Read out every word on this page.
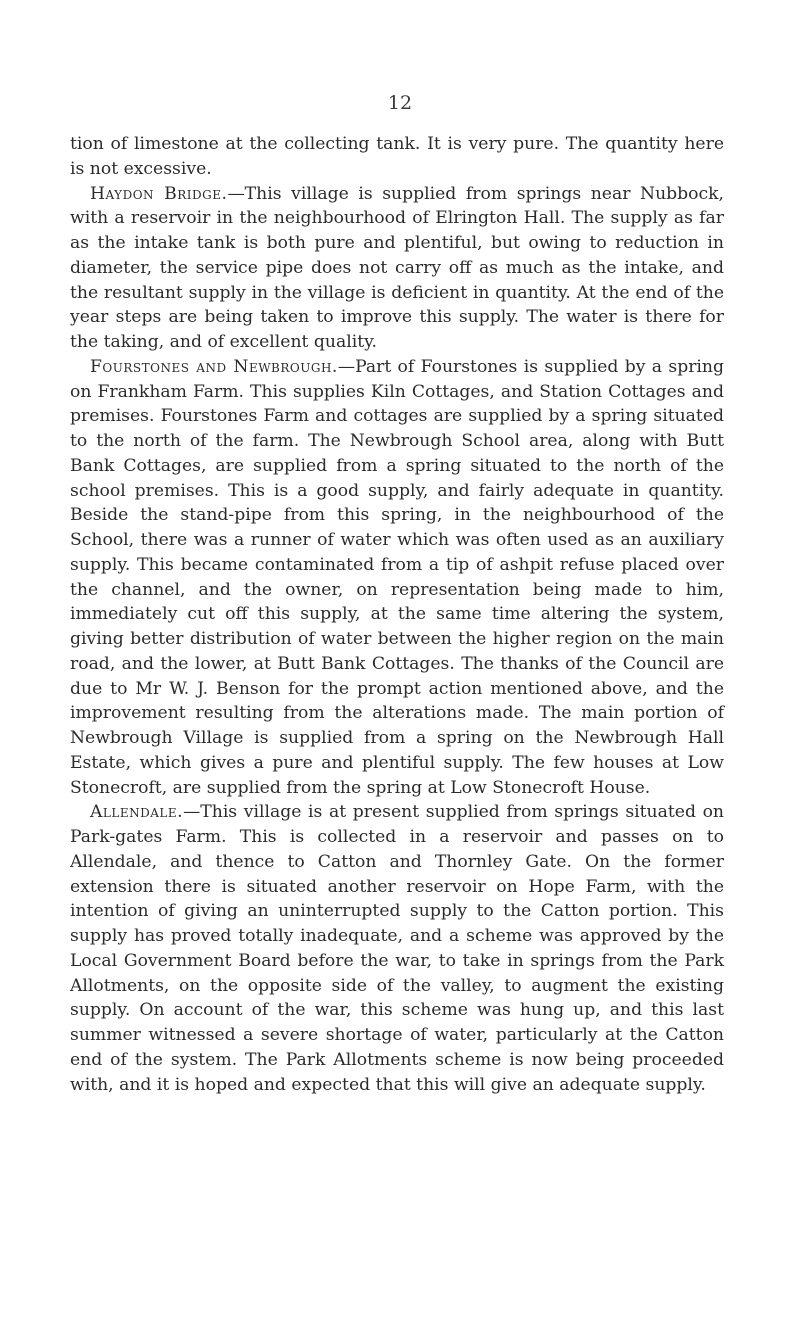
12

tion of limestone at the collecting tank. It is very pure. The quantity here is not excessive.

Haydon Bridge.—This village is supplied from springs near Nubbock, with a reservoir in the neighbourhood of Elrington Hall. The supply as far as the intake tank is both pure and plentiful, but owing to reduction in diameter, the service pipe does not carry off as much as the intake, and the resultant supply in the village is deficient in quantity. At the end of the year steps are being taken to improve this supply. The water is there for the taking, and of excellent quality.

Fourstones and Newbrough.—Part of Fourstones is supplied by a spring on Frankham Farm. This supplies Kiln Cottages, and Station Cottages and premises. Fourstones Farm and cottages are supplied by a spring situated to the north of the farm. The Newbrough School area, along with Butt Bank Cottages, are supplied from a spring situated to the north of the school premises. This is a good supply, and fairly adequate in quantity. Beside the stand-pipe from this spring, in the neighbourhood of the School, there was a runner of water which was often used as an auxiliary supply. This became contaminated from a tip of ashpit refuse placed over the channel, and the owner, on representation being made to him, immediately cut off this supply, at the same time altering the system, giving better distribution of water between the higher region on the main road, and the lower, at Butt Bank Cottages. The thanks of the Council are due to Mr W. J. Benson for the prompt action mentioned above, and the improvement resulting from the alterations made. The main portion of Newbrough Village is supplied from a spring on the Newbrough Hall Estate, which gives a pure and plentiful supply. The few houses at Low Stonecroft, are supplied from the spring at Low Stonecroft House.

Allendale.—This village is at present supplied from springs situated on Park-gates Farm. This is collected in a reservoir and passes on to Allendale, and thence to Catton and Thornley Gate. On the former extension there is situated another reservoir on Hope Farm, with the intention of giving an uninterrupted supply to the Catton portion. This supply has proved totally inadequate, and a scheme was approved by the Local Government Board before the war, to take in springs from the Park Allotments, on the opposite side of the valley, to augment the existing supply. On account of the war, this scheme was hung up, and this last summer witnessed a severe shortage of water, particularly at the Catton end of the system. The Park Allotments scheme is now being proceeded with, and it is hoped and expected that this will give an adequate supply.
